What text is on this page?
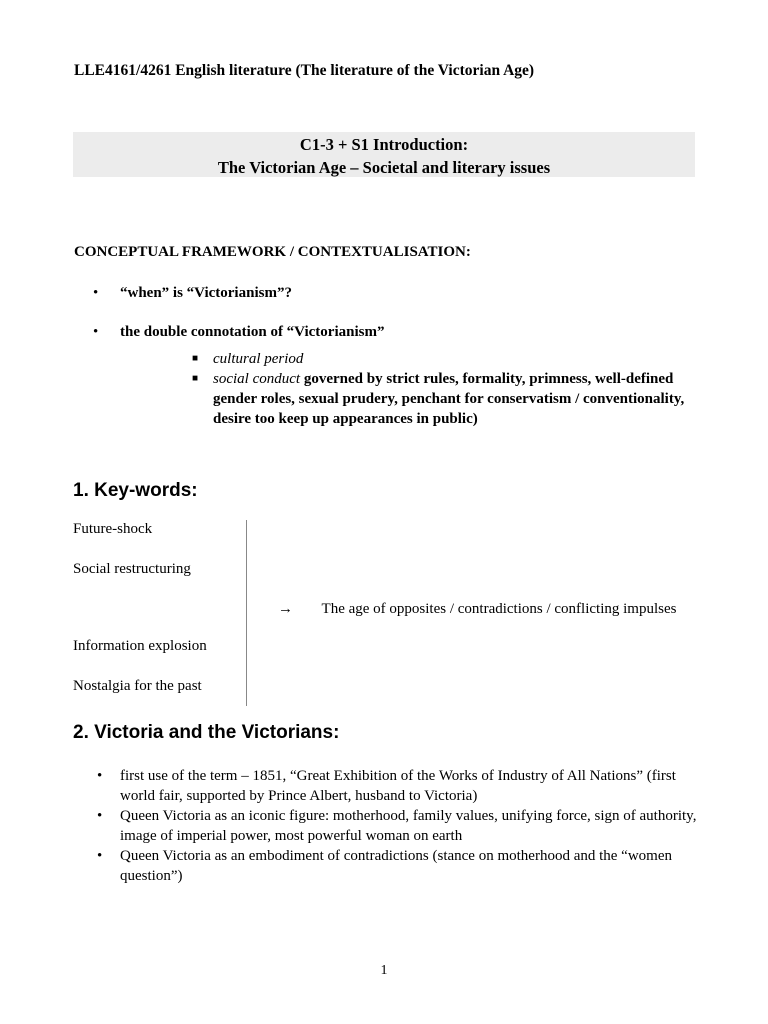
LLE4161/4261 English literature (The literature of the Victorian Age)
C1-3 + S1 Introduction:
The Victorian Age – Societal and literary issues
CONCEPTUAL FRAMEWORK / CONTEXTUALISATION:
• “when” is “Victorianism”?
• the double connotation of “Victorianism”
■ cultural period
■ social conduct governed by strict rules, formality, primness, well-defined gender roles, sexual prudery, penchant for conservatism / conventionality, desire too keep up appearances in public)
1. Key-words:
Future-shock
Social restructuring
Information explosion
Nostalgia for the past
→	The age of opposites / contradictions / conflicting impulses
2. Victoria and the Victorians:
• first use of the term – 1851, “Great Exhibition of the Works of Industry of All Nations” (first world fair, supported by Prince Albert, husband to Victoria)
• Queen Victoria as an iconic figure: motherhood, family values, unifying force, sign of authority, image of imperial power, most powerful woman on earth
• Queen Victoria as an embodiment of contradictions (stance on motherhood and the “women question”)
1
